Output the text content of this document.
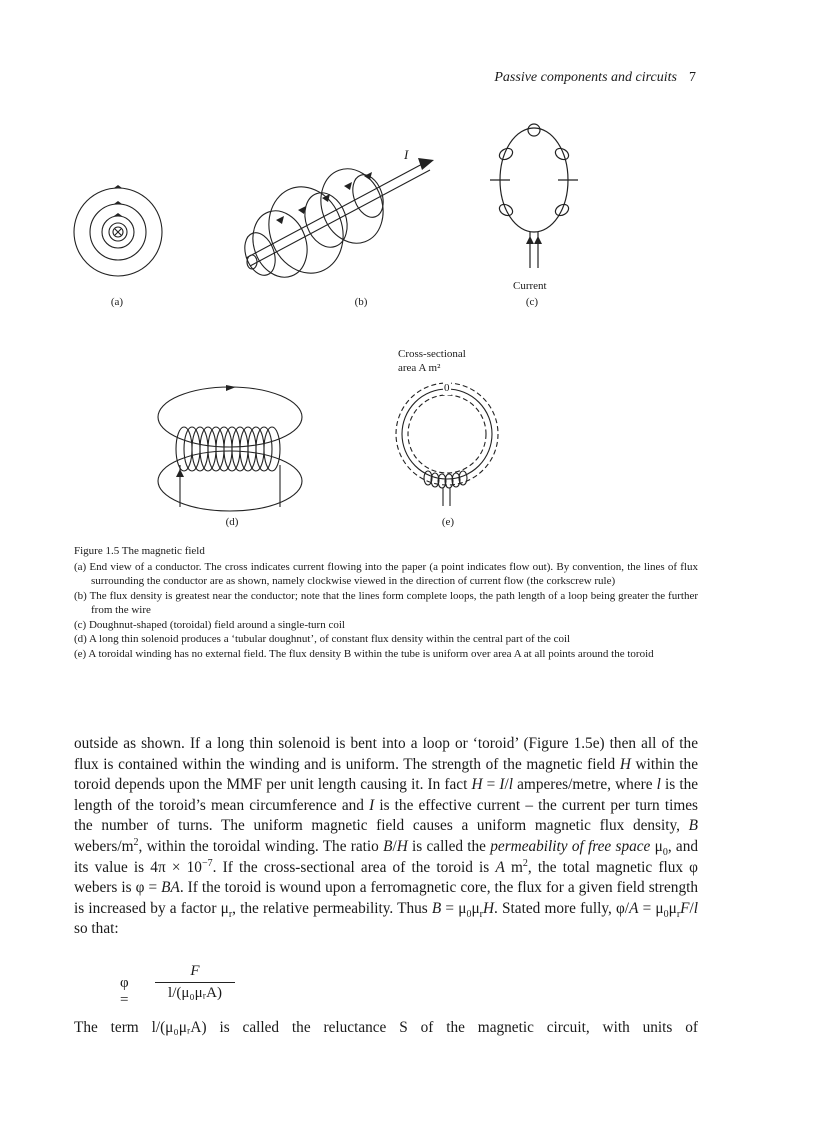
Passive components and circuits 7
(a)
I
(b)
Current
(c)
(d)
Cross-sectional
area A m²
0
(e)
Figure 1.5 The magnetic field
(a) End view of a conductor. The cross indicates current flowing into the paper (a point indicates flow out). By convention, the lines of flux surrounding the conductor are as shown, namely clockwise viewed in the direction of current flow (the corkscrew rule)
(b) The flux density is greatest near the conductor; note that the lines form complete loops, the path length of a loop being greater the further from the wire
(c) Doughnut-shaped (toroidal) field around a single-turn coil
(d) A long thin solenoid produces a ‘tubular doughnut’, of constant flux density within the central part of the coil
(e) A toroidal winding has no external field. The flux density B within the tube is uniform over area A at all points around the toroid

outside as shown. If a long thin solenoid is bent into a loop or ‘toroid’ (Figure 1.5e) then all of the flux is contained within the winding and is uniform. The strength of the magnetic field H within the toroid depends upon the MMF per unit length causing it. In fact H = I/l amperes/metre, where l is the length of the toroid’s mean circumference and I is the effective current – the current per turn times the number of turns. The uniform magnetic field causes a uniform magnetic flux density, B webers/$m^2$, within the toroidal winding. The ratio B/H is called the permeability of free space $\mu_0$, and its value is $4\pi \times 10^{-7}$. If the cross-sectional area of the toroid is A $m^2$, the total magnetic flux φ webers is φ = BA. If the toroid is wound upon a ferromagnetic core, the flux for a given field strength is increased by a factor $\mu_r$, the relative permeability. Thus $B = \mu_0\mu_rH$. Stated more fully, $\varphi/A = \mu_0\mu_rF/l$ so that:

φ =
F
l/(μ₀μᵣA)
The term l/(μ₀μᵣA) is called the reluctance S of the magnetic circuit, with units of
